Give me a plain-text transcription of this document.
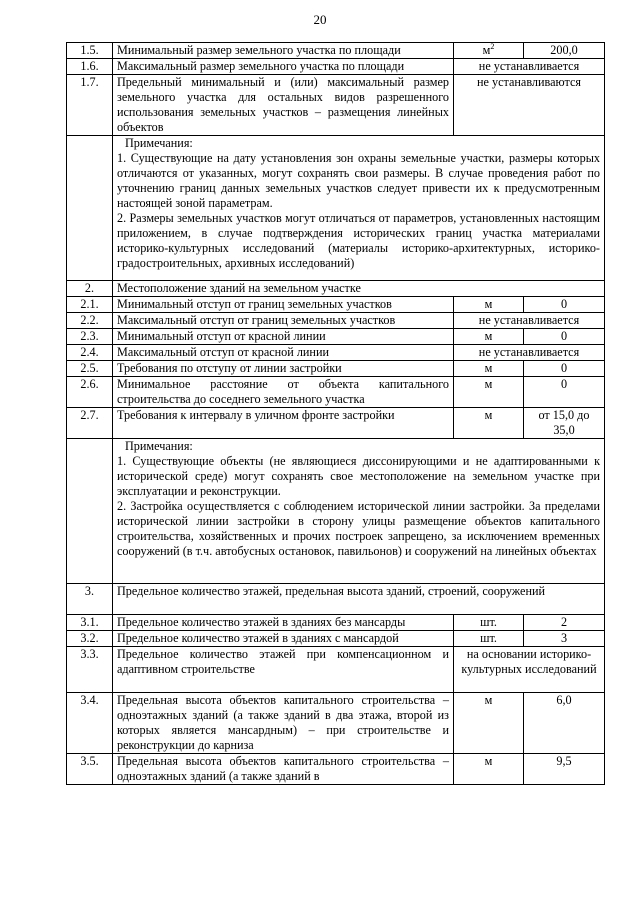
20
1.5.	Минимальный размер земельного участка по площади	$м^2$	200,0
1.6.	Максимальный размер земельного участка по площади	не устанавливается	
1.7.	Предельный минимальный и (или) максимальный размер земельного участка для остальных видов разрешенного использования земельных участков – размещения линейных объектов	не устанавливаются	

	Примечания:

1. Существующие на дату установления зон охраны земельные участки, размеры которых отличаются от указанных, могут сохранять свои размеры. В случае проведения работ по уточнению границ данных земельных участков следует привести их к предусмотренным настоящей зоной параметрам.

2. Размеры земельных участков могут отличаться от параметров, установленных настоящим приложением, в случае подтверждения исторических границ участка материалами историко-культурных исследований (материалы историко-архитектурных, историко-градостроительных, архивных исследований)		

2.	Местоположение зданий на земельном участке		
2.1.	Минимальный отступ от границ земельных участков	м	0
2.2.	Максимальный отступ от границ земельных участков	не устанавливается	
2.3.	Минимальный отступ от красной линии	м	0
2.4.	Максимальный отступ от красной линии	не устанавливается	
2.5.	Требования по отступу от линии застройки	м	0
2.6.	Минимальное расстояние от объекта капитального строительства до соседнего земельного участка	м	0
2.7.	Требования к интервалу в уличном фронте застройки	м	от 15,0 до 35,0

	Примечания:

1. Существующие объекты (не являющиеся диссонирующими и не адаптированными к исторической среде) могут сохранять свое местоположение на земельном участке при эксплуатации и реконструкции.

2. Застройка осуществляется с соблюдением исторической линии застройки. За пределами исторической линии застройки в сторону улицы размещение объектов капитального строительства, хозяйственных и прочих построек запрещено, за исключением временных сооружений (в т.ч. автобусных остановок, павильонов) и сооружений на линейных объектах		

3.	Предельное количество этажей, предельная высота зданий, строений, сооружений		
3.1.	Предельное количество этажей в зданиях без мансарды	шт.	2
3.2.	Предельное количество этажей в зданиях с мансардой	шт.	3
3.3.	Предельное количество этажей при компенсационном и адаптивном строительстве	на основании историко-культурных исследований	
3.4.	Предельная высота объектов капитального строительства – одноэтажных зданий (а также зданий в два этажа, второй из которых является мансардным) – при строительстве и реконструкции до карниза	м	6,0
3.5.	Предельная высота объектов капитального строительства – одноэтажных зданий (а также зданий в	м	9,5
